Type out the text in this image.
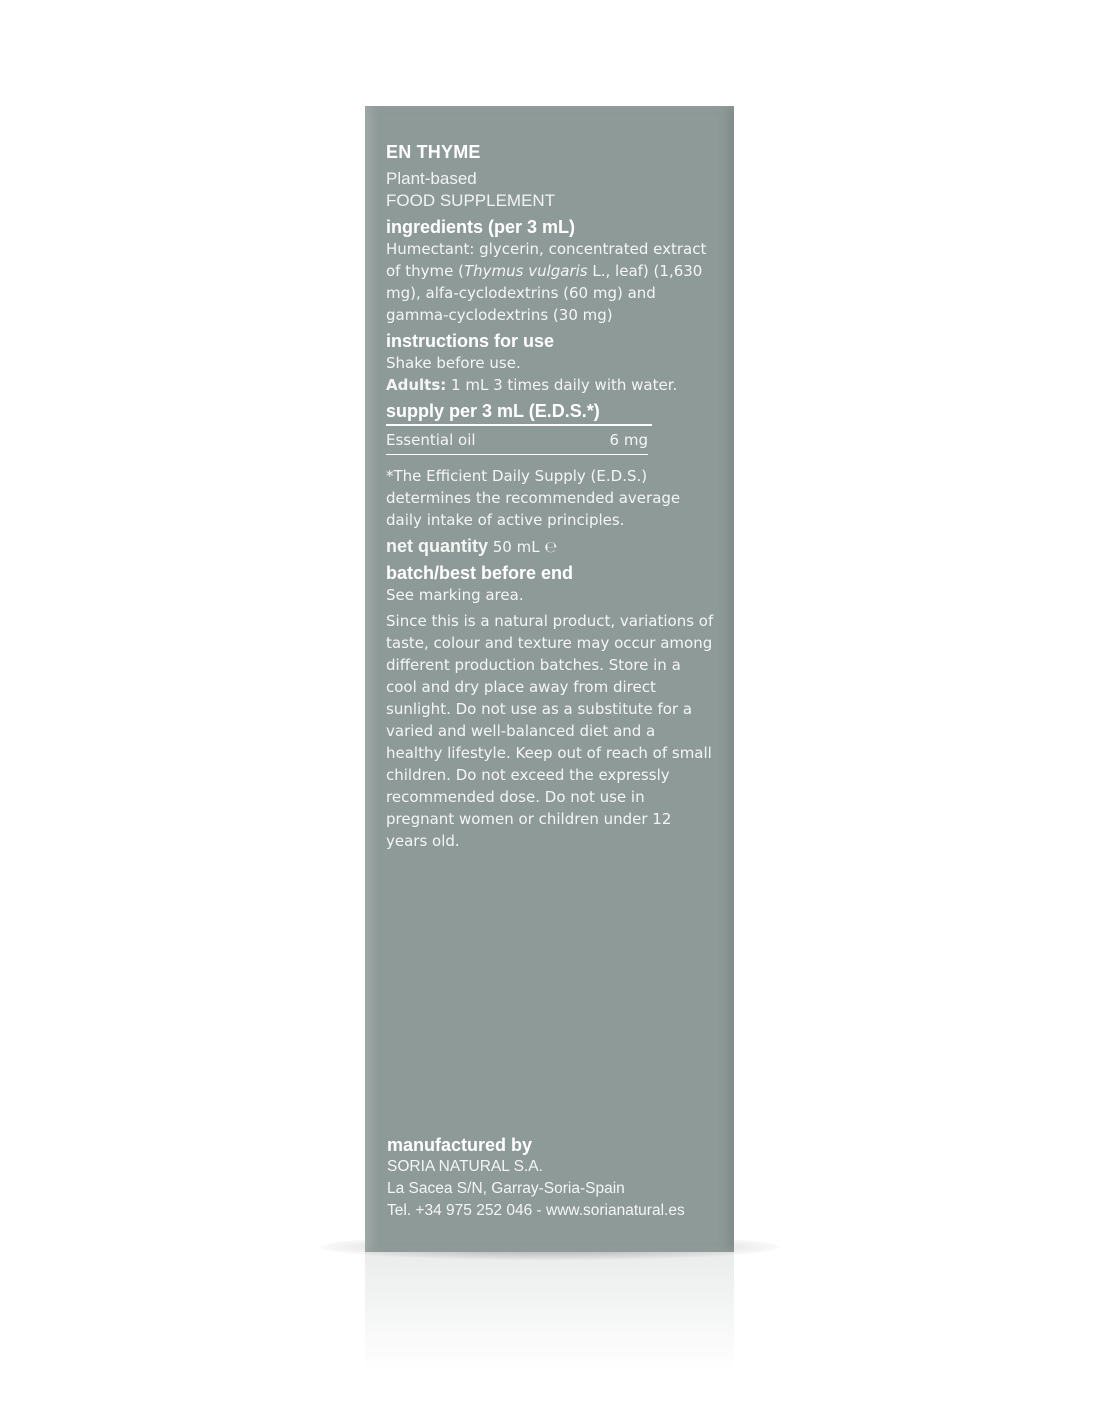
EN THYME

Plant-based

FOOD SUPPLEMENT

ingredients (per 3 mL)

Humectant: glycerin, concentrated extract of thyme (Thymus vulgaris L., leaf) (1,630 mg), alfa-cyclodextrins (60 mg) and gamma-cyclodextrins (30 mg)

instructions for use

Shake before use.

Adults: 1 mL 3 times daily with water.

supply per 3 mL (E.D.S.*)

Essential oil	6 mg

*The Efficient Daily Supply (E.D.S.)

determines the recommended average daily intake of active principles.

net quantity 50 mL ℮

batch/best before end

See marking area.

Since this is a natural product, variations of taste, colour and texture may occur among different production batches. Store in a cool and dry place away from direct sunlight. Do not use as a substitute for a varied and well-balanced diet and a healthy lifestyle. Keep out of reach of small children. Do not exceed the expressly recommended dose. Do not use in pregnant women or children under 12 years old.

manufactured by

SORIA NATURAL S.A.

La Sacea S/N, Garray-Soria-Spain

Tel. +34 975 252 046 - www.sorianatural.es
